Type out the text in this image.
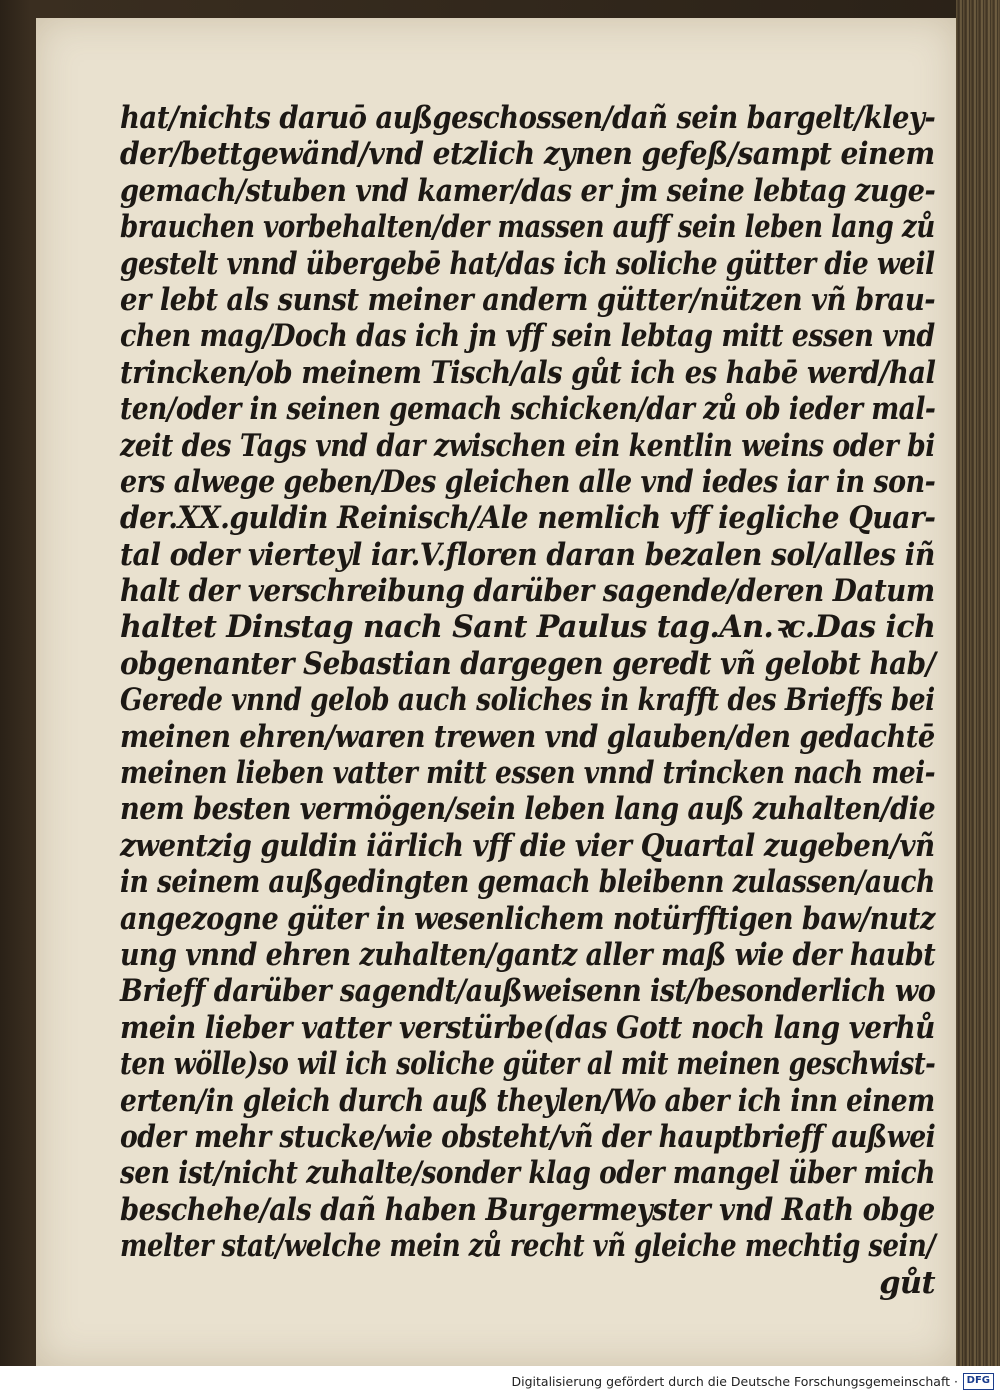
hat/nichts daruō außgeschossen/dañ sein bargelt/kley-
der/bettgewänd/vnd etzlich zynen gefeß/sampt einem
gemach/stuben vnd kamer/das er jm seine lebtag zuge-
brauchen vorbehalten/der massen auff sein leben lang zů
gestelt vnnd übergebē hat/das ich soliche gütter die weil
er lebt als sunst meiner andern gütter/nützen vñ brau-
chen mag/Doch das ich jn vff sein lebtag mitt essen vnd
trincken/ob meinem Tisch/als gůt ich es habē werd/hal
ten/oder in seinen gemach schicken/dar zů ob ieder mal-
zeit des Tags vnd dar zwischen ein kentlin weins oder bi
ers alwege geben/Des gleichen alle vnd iedes iar in son-
der.XX.guldin Reinisch/Ale nemlich vff iegliche Quar-
tal oder vierteyl iar.V.floren daran bezalen sol/alles iñ
halt der verschreibung darüber sagende/deren Datum
haltet Dinstag nach Sant Paulus tag.An.ꝛc.Das ich
obgenanter Sebastian dargegen geredt vñ gelobt hab/
Gerede vnnd gelob auch soliches in krafft des Brieffs bei
meinen ehren/waren trewen vnd glauben/den gedachtē
meinen lieben vatter mitt essen vnnd trincken nach mei-
nem besten vermögen/sein leben lang auß zuhalten/die
zwentzig guldin iärlich vff die vier Quartal zugeben/vñ
in seinem außgedingten gemach bleibenn zulassen/auch
angezogne güter in wesenlichem notürfftigen baw/nutz
ung vnnd ehren zuhalten/gantz aller maß wie der haubt
Brieff darüber sagendt/außweisenn ist/besonderlich wo
mein lieber vatter verstürbe(das Gott noch lang verhů
ten wölle)so wil ich soliche güter al mit meinen geschwist-
erten/in gleich durch auß theylen/Wo aber ich inn einem
oder mehr stucke/wie obsteht/vñ der hauptbrieff außwei
sen ist/nicht zuhalte/sonder klag oder mangel über mich
beschehe/als dañ haben Burgermeyster vnd Rath obge
melter stat/welche mein zů recht vñ gleiche mechtig sein/
gůt
Digitalisierung gefördert durch die Deutsche Forschungsgemeinschaft · DFG
